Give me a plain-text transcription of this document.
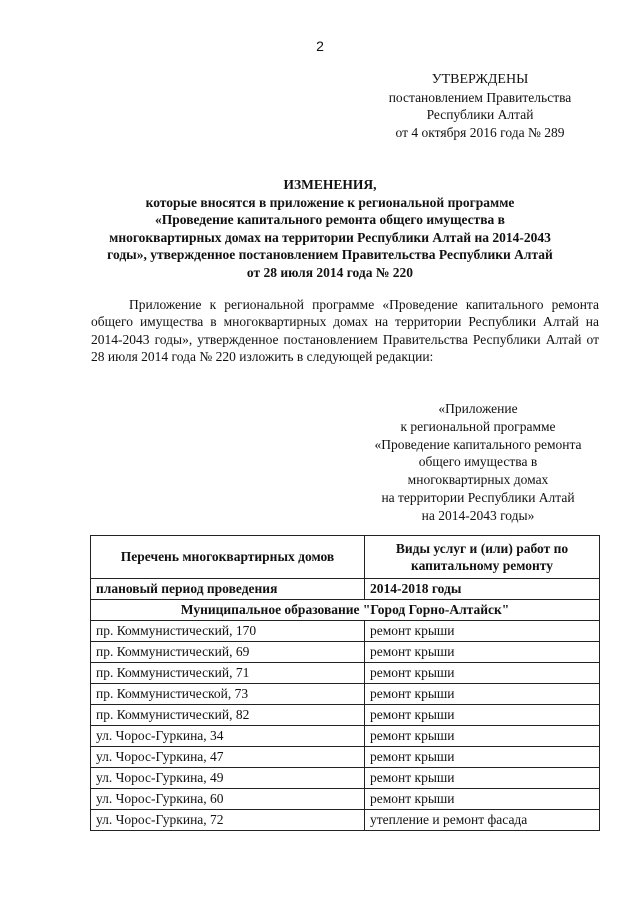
2
УТВЕРЖДЕНЫ
постановлением Правительства
Республики Алтай
от 4 октября 2016 года № 289
ИЗМЕНЕНИЯ,
которые вносятся в приложение к региональной программе
«Проведение капитального ремонта общего имущества в
многоквартирных домах на территории Республики Алтай на 2014-2043
годы», утвержденное постановлением Правительства Республики Алтай
от 28 июля 2014 года № 220

Приложение к региональной программе «Проведение капитального ремонта общего имущества в многоквартирных домах на территории Республики Алтай на 2014-2043 годы», утвержденное постановлением Правительства Республики Алтай от 28 июля 2014 года № 220 изложить в следующей редакции:

«Приложение
к региональной программе
«Проведение капитального ремонта
общего имущества в
многоквартирных домах
на территории Республики Алтай
на 2014-2043 годы»
Перечень многоквартирных домов	Виды услуг и (или) работ по капитальному ремонту
плановый период проведения	2014-2018 годы
Муниципальное образование "Город Горно-Алтайск"	
пр. Коммунистический, 170	ремонт крыши
пр. Коммунистический, 69	ремонт крыши
пр. Коммунистический, 71	ремонт крыши
пр. Коммунистической, 73	ремонт крыши
пр. Коммунистический, 82	ремонт крыши
ул. Чорос-Гуркина, 34	ремонт крыши
ул. Чорос-Гуркина, 47	ремонт крыши
ул. Чорос-Гуркина, 49	ремонт крыши
ул. Чорос-Гуркина, 60	ремонт крыши
ул. Чорос-Гуркина, 72	утепление и ремонт фасада
